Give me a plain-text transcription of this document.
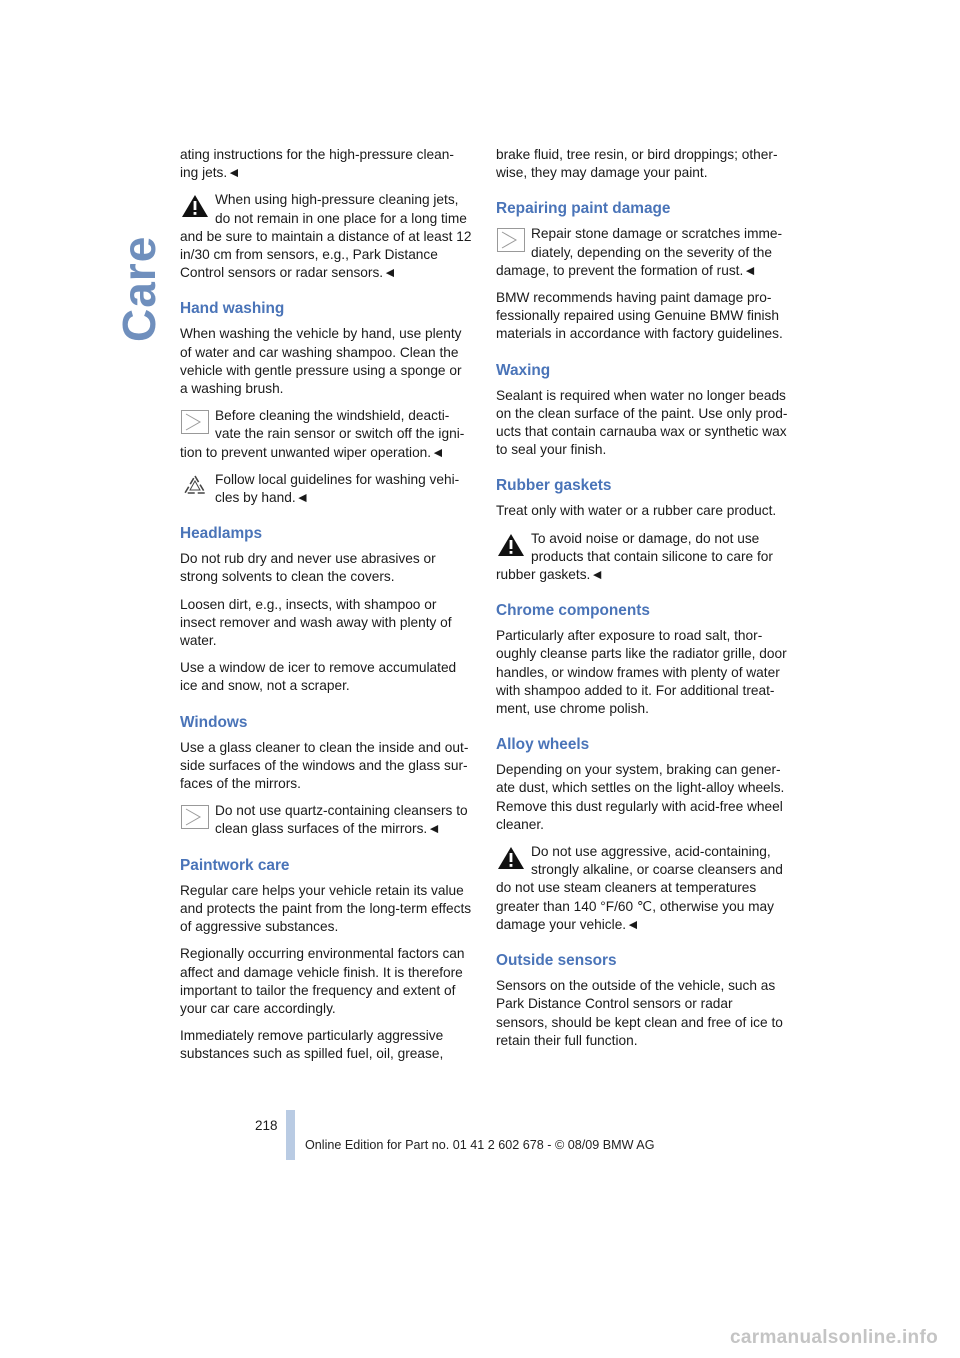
Care

ating instructions for the high-pressure clean-ing jets.◄

When using high-pressure cleaning jets, do not remain in one place for a long time and be sure to maintain a distance of at least 12 in/30 cm from sensors, e.g., Park Distance Control sensors or radar sensors.◄
Hand washing

When washing the vehicle by hand, use plenty of water and car washing shampoo. Clean the vehicle with gentle pressure using a sponge or a washing brush.

Before cleaning the windshield, deacti-vate the rain sensor or switch off the igni-tion to prevent unwanted wiper operation.◄
Follow local guidelines for washing vehi-cles by hand.◄
Headlamps

Do not rub dry and never use abrasives or strong solvents to clean the covers.

Loosen dirt, e.g., insects, with shampoo or insect remover and wash away with plenty of water.

Use a window de icer to remove accumulated ice and snow, not a scraper.

Windows

Use a glass cleaner to clean the inside and out-side surfaces of the windows and the glass sur-faces of the mirrors.

Do not use quartz-containing cleansers to clean glass surfaces of the mirrors.◄
Paintwork care

Regular care helps your vehicle retain its value and protects the paint from the long-term effects of aggressive substances.

Regionally occurring environmental factors can affect and damage vehicle finish. It is therefore important to tailor the frequency and extent of your car care accordingly.

Immediately remove particularly aggressive substances such as spilled fuel, oil, grease,

brake fluid, tree resin, or bird droppings; other-wise, they may damage your paint.

Repairing paint damage
Repair stone damage or scratches imme-diately, depending on the severity of the damage, to prevent the formation of rust.◄

BMW recommends having paint damage pro-fessionally repaired using Genuine BMW finish materials in accordance with factory guidelines.

Waxing

Sealant is required when water no longer beads on the clean surface of the paint. Use only prod-ucts that contain carnauba wax or synthetic wax to seal your finish.

Rubber gaskets

Treat only with water or a rubber care product.

To avoid noise or damage, do not use products that contain silicone to care for rubber gaskets.◄
Chrome components

Particularly after exposure to road salt, thor-oughly cleanse parts like the radiator grille, door handles, or window frames with plenty of water with shampoo added to it. For additional treat-ment, use chrome polish.

Alloy wheels

Depending on your system, braking can gener-ate dust, which settles on the light-alloy wheels. Remove this dust regularly with acid-free wheel cleaner.

Do not use aggressive, acid-containing, strongly alkaline, or coarse cleansers and do not use steam cleaners at temperatures greater than 140 °F/60 ℃, otherwise you may damage your vehicle.◄
Outside sensors

Sensors on the outside of the vehicle, such as Park Distance Control sensors or radar sensors, should be kept clean and free of ice to retain their full function.

218
Online Edition for Part no. 01 41 2 602 678 - © 08/09 BMW AG
carmanualsonline.info
